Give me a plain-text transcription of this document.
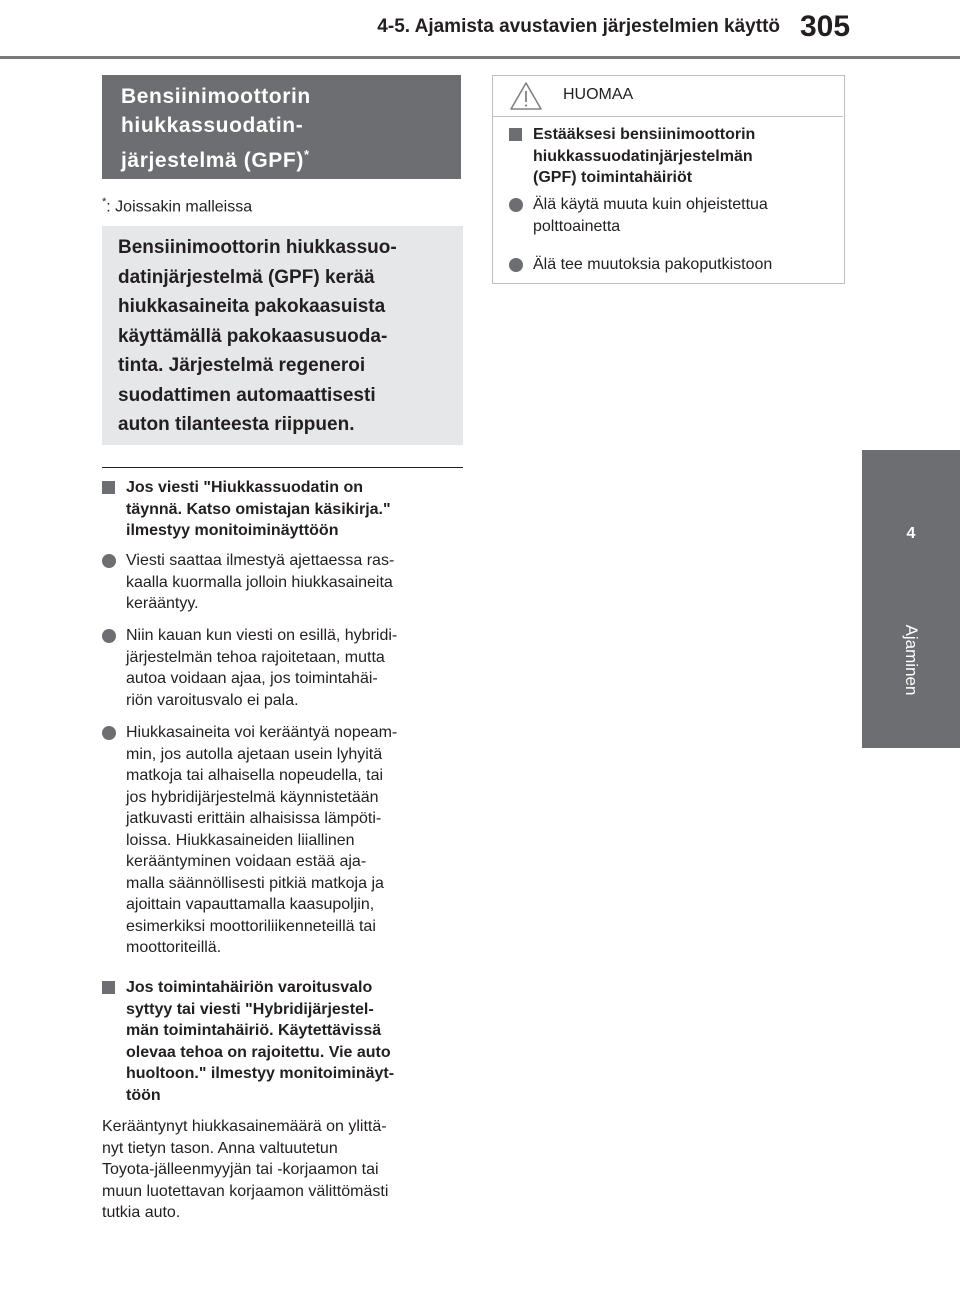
4-5. Ajamista avustavien järjestelmien käyttö 305
4
Ajaminen
Bensiinimoottorin
hiukkassuodatin-
järjestelmä (GPF)*
*: Joissakin malleissa
Bensiinimoottorin hiukkassuo-
datinjärjestelmä (GPF) kerää
hiukkasaineita pakokaasuista
käyttämällä pakokaasusuoda-
tinta. Järjestelmä regeneroi
suodattimen automaattisesti
auton tilanteesta riippuen.
Jos viesti "Hiukkassuodatin on
täynnä. Katso omistajan käsikirja."
ilmestyy monitoiminäyttöön
Viesti saattaa ilmestyä ajettaessa ras-
kaalla kuormalla jolloin hiukkasaineita
kerääntyy.
Niin kauan kun viesti on esillä, hybridi-
järjestelmän tehoa rajoitetaan, mutta
autoa voidaan ajaa, jos toimintahäi-
riön varoitusvalo ei pala.
Hiukkasaineita voi kerääntyä nopeam-
min, jos autolla ajetaan usein lyhyitä
matkoja tai alhaisella nopeudella, tai
jos hybridijärjestelmä käynnistetään
jatkuvasti erittäin alhaisissa lämpöti-
loissa. Hiukkasaineiden liiallinen
kerääntyminen voidaan estää aja-
malla säännöllisesti pitkiä matkoja ja
ajoittain vapauttamalla kaasupoljin,
esimerkiksi moottoriliikenneteillä tai
moottoriteillä.
Jos toimintahäiriön varoitusvalo
syttyy tai viesti "Hybridijärjestel-
män toimintahäiriö. Käytettävissä
olevaa tehoa on rajoitettu. Vie auto
huoltoon." ilmestyy monitoiminäyt-
töön
Kerääntynyt hiukkasainemäärä on ylittä-
nyt tietyn tason. Anna valtuutetun
Toyota-jälleenmyyjän tai -korjaamon tai
muun luotettavan korjaamon välittömästi
tutkia auto.
HUOMAA
Estääksesi bensiinimoottorin
hiukkassuodatinjärjestelmän
(GPF) toimintahäiriöt
Älä käytä muuta kuin ohjeistettua
polttoainetta
Älä tee muutoksia pakoputkistoon
